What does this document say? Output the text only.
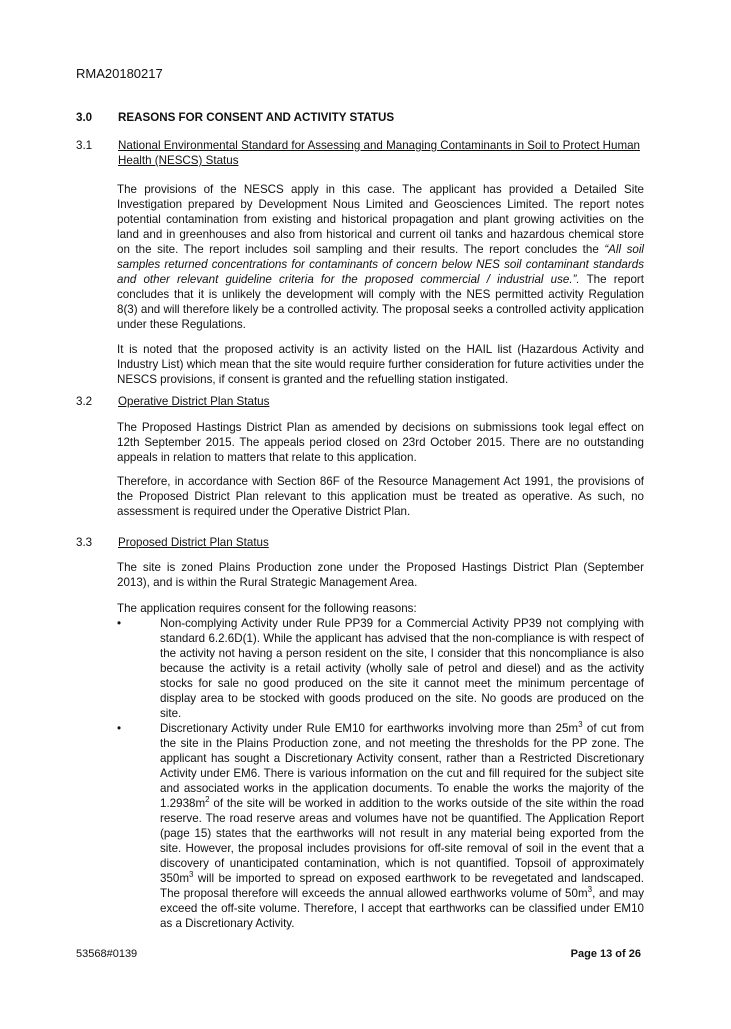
RMA20180217
3.0	REASONS FOR CONSENT AND ACTIVITY STATUS
3.1	National Environmental Standard for Assessing and Managing Contaminants in Soil to Protect Human Health (NESCS) Status

The provisions of the NESCS apply in this case. The applicant has provided a Detailed Site Investigation prepared by Development Nous Limited and Geosciences Limited. The report notes potential contamination from existing and historical propagation and plant growing activities on the land and in greenhouses and also from historical and current oil tanks and hazardous chemical store on the site. The report includes soil sampling and their results. The report concludes the “All soil samples returned concentrations for contaminants of concern below NES soil contaminant standards and other relevant guideline criteria for the proposed commercial / industrial use.”. The report concludes that it is unlikely the development will comply with the NES permitted activity Regulation 8(3) and will therefore likely be a controlled activity. The proposal seeks a controlled activity application under these Regulations.

It is noted that the proposed activity is an activity listed on the HAIL list (Hazardous Activity and Industry List) which mean that the site would require further consideration for future activities under the NESCS provisions, if consent is granted and the refuelling station instigated.

3.2	Operative District Plan Status

The Proposed Hastings District Plan as amended by decisions on submissions took legal effect on 12th September 2015. The appeals period closed on 23rd October 2015. There are no outstanding appeals in relation to matters that relate to this application.

Therefore, in accordance with Section 86F of the Resource Management Act 1991, the provisions of the Proposed District Plan relevant to this application must be treated as operative. As such, no assessment is required under the Operative District Plan.

3.3	Proposed District Plan Status

The site is zoned Plains Production zone under the Proposed Hastings District Plan (September 2013), and is within the Rural Strategic Management Area.

The application requires consent for the following reasons:

•	Non-complying Activity under Rule PP39 for a Commercial Activity PP39 not complying with standard 6.2.6D(1). While the applicant has advised that the non-compliance is with respect of the activity not having a person resident on the site, I consider that this noncompliance is also because the activity is a retail activity (wholly sale of petrol and diesel) and as the activity stocks for sale no good produced on the site it cannot meet the minimum percentage of display area to be stocked with goods produced on the site. No goods are produced on the site.
•	Discretionary Activity under Rule EM10 for earthworks involving more than $25m^3$ of cut from the site in the Plains Production zone, and not meeting the thresholds for the PP zone. The applicant has sought a Discretionary Activity consent, rather than a Restricted Discretionary Activity under EM6. There is various information on the cut and fill required for the subject site and associated works in the application documents. To enable the works the majority of the $1.2938m^2$ of the site will be worked in addition to the works outside of the site within the road reserve. The road reserve areas and volumes have not be quantified. The Application Report (page 15) states that the earthworks will not result in any material being exported from the site. However, the proposal includes provisions for off-site removal of soil in the event that a discovery of unanticipated contamination, which is not quantified. Topsoil of approximately $350m^3$ will be imported to spread on exposed earthwork to be revegetated and landscaped. The proposal therefore will exceeds the annual allowed earthworks volume of $50m^3$, and may exceed the off-site volume. Therefore, I accept that earthworks can be classified under EM10 as a Discretionary Activity.
53568#0139	Page 13 of 26
